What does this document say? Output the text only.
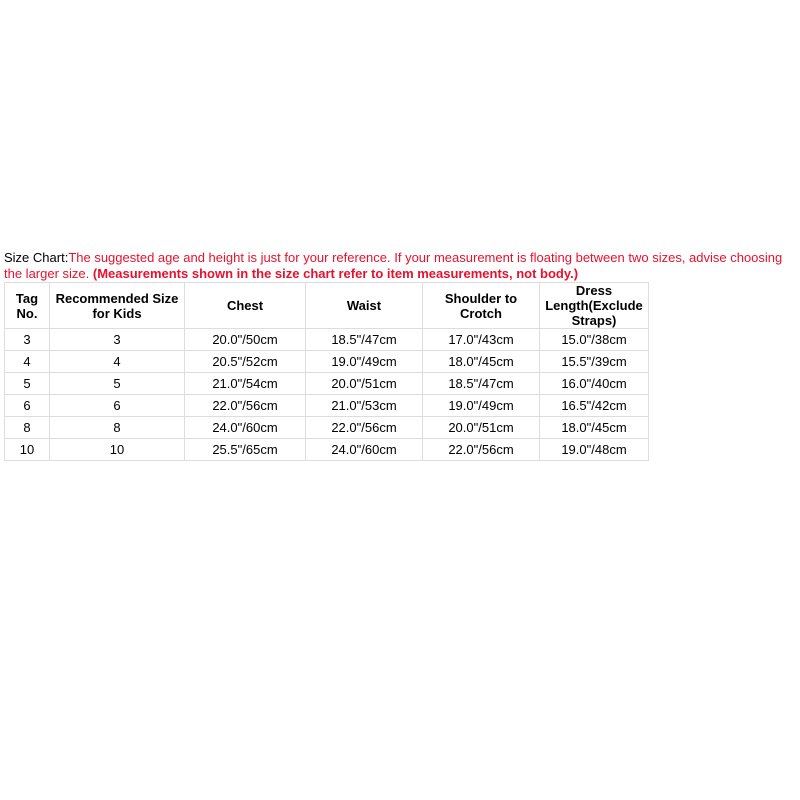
Size Chart:The suggested age and height is just for your reference. If your measurement is floating between two sizes, advise choosing the larger size. (Measurements shown in the size chart refer to item measurements, not body.)
Tag No.	Recommended Size for Kids	Chest	Waist	Shoulder to Crotch	Dress Length(Exclude Straps)
3	3	20.0"/50cm	18.5"/47cm	17.0"/43cm	15.0"/38cm
4	4	20.5"/52cm	19.0"/49cm	18.0"/45cm	15.5"/39cm
5	5	21.0"/54cm	20.0"/51cm	18.5"/47cm	16.0"/40cm
6	6	22.0"/56cm	21.0"/53cm	19.0"/49cm	16.5"/42cm
8	8	24.0"/60cm	22.0"/56cm	20.0"/51cm	18.0"/45cm
10	10	25.5"/65cm	24.0"/60cm	22.0"/56cm	19.0"/48cm
